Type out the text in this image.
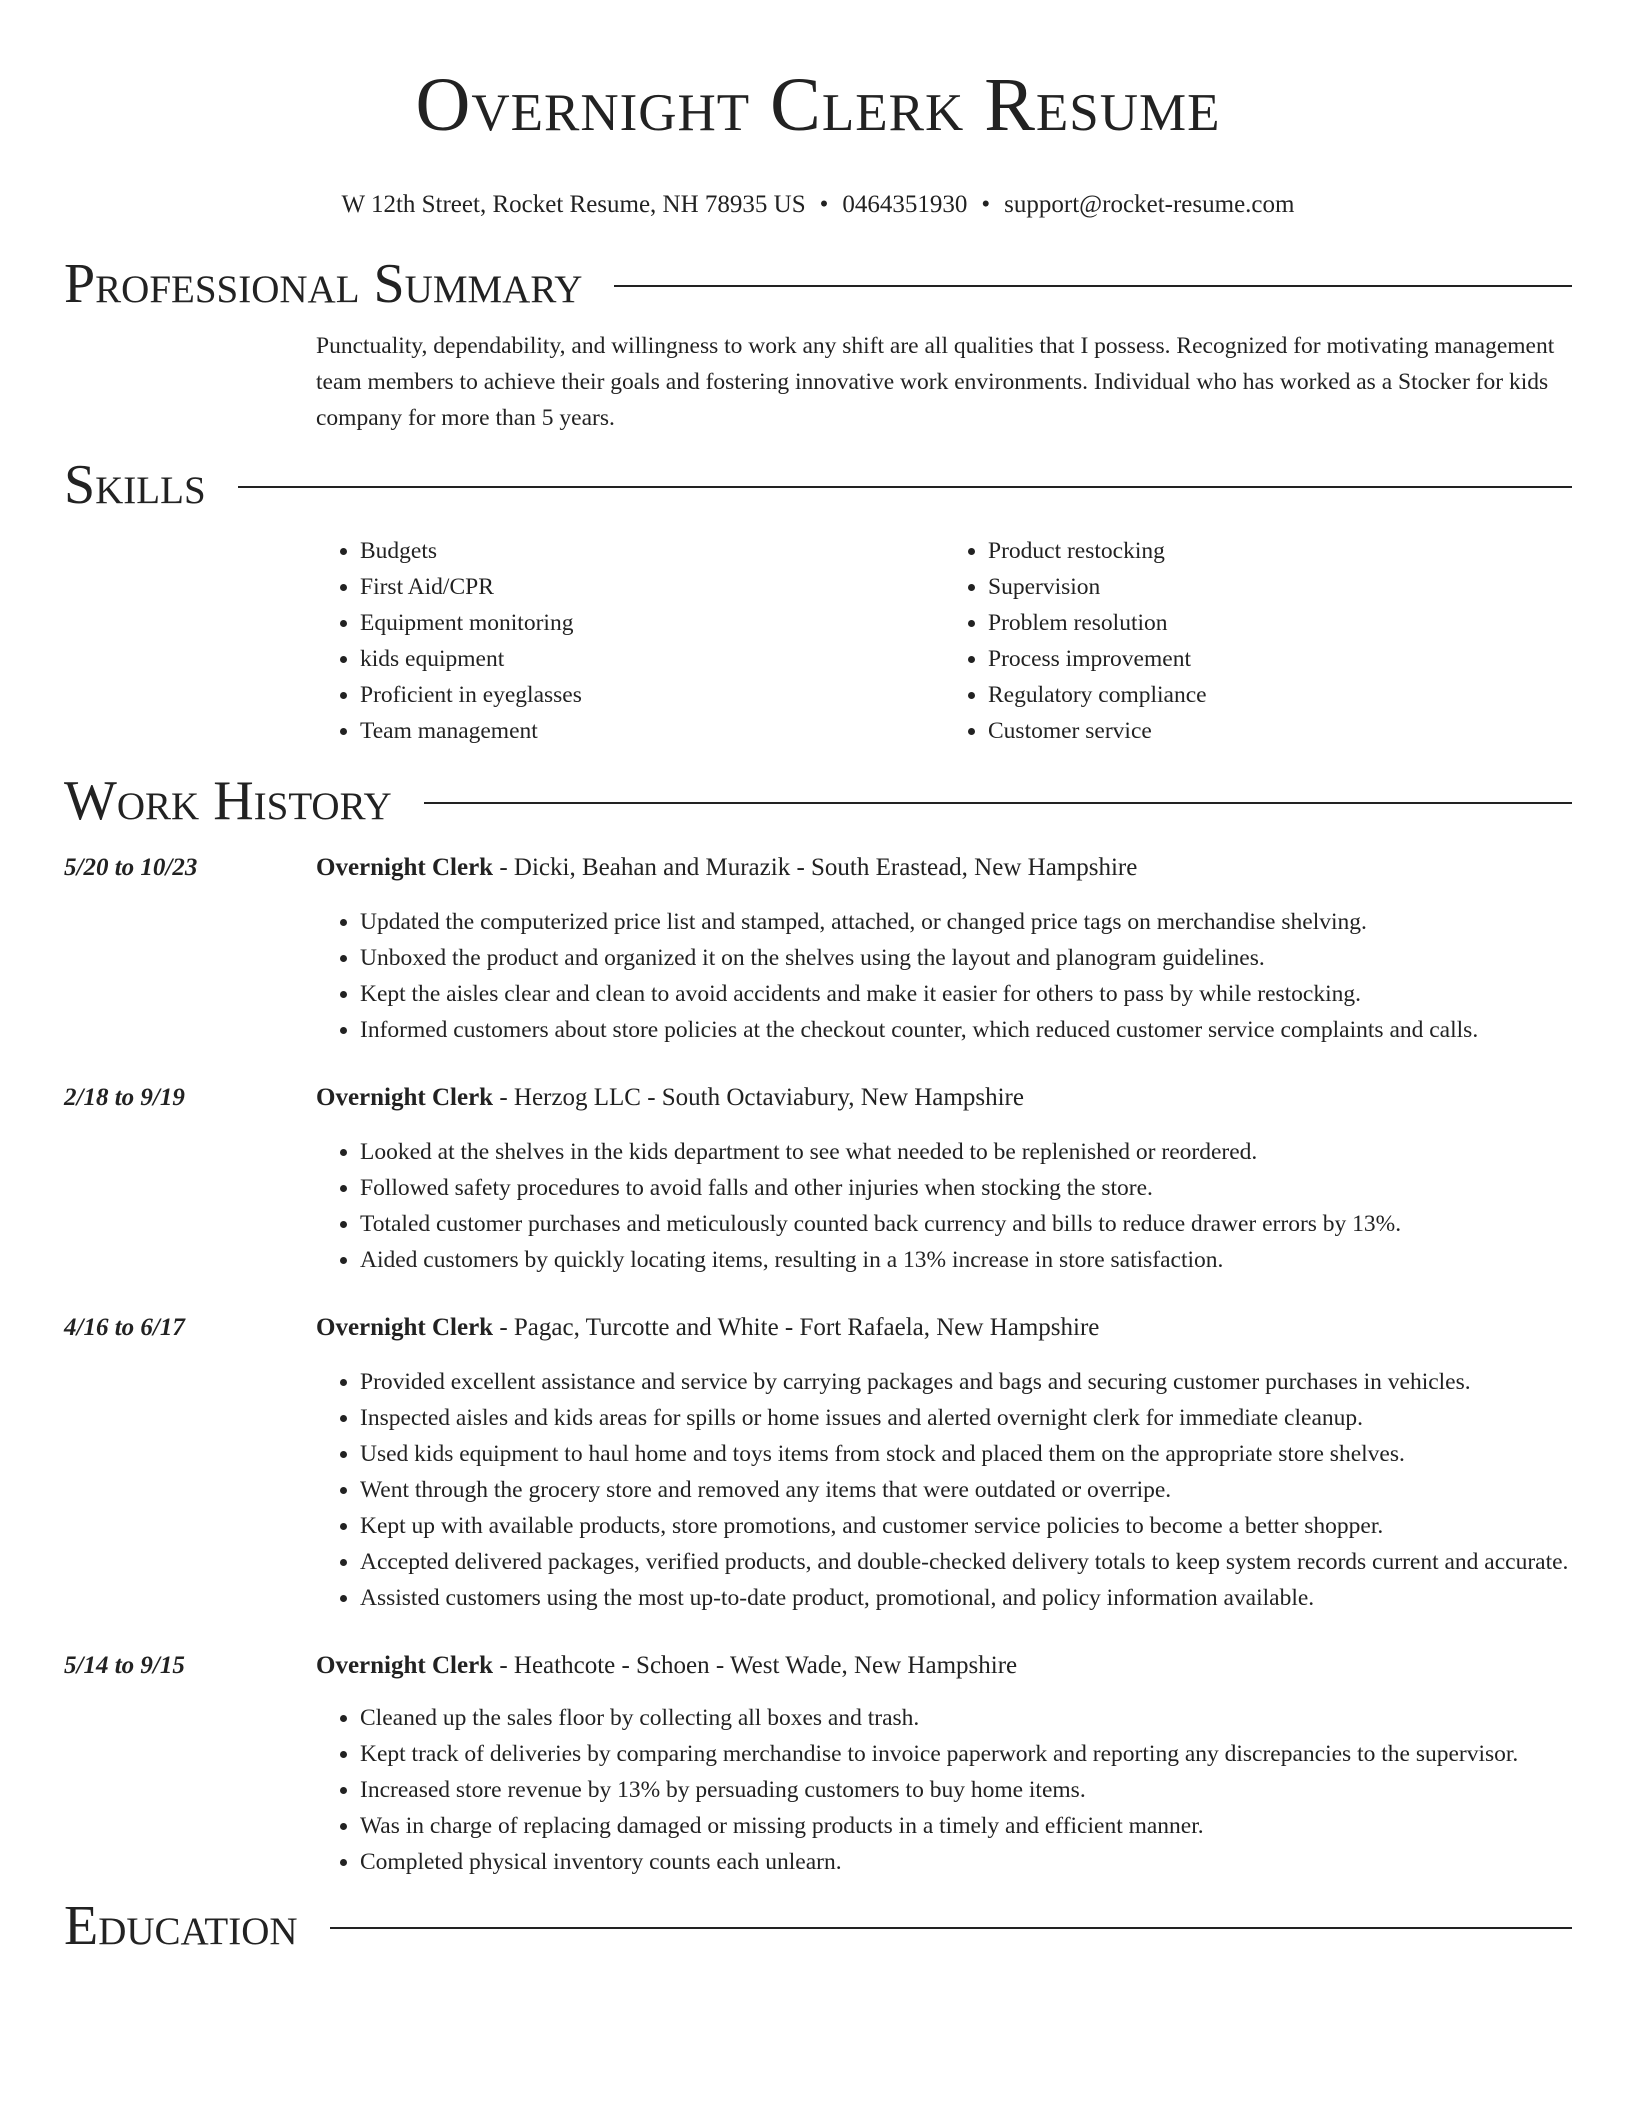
Overnight Clerk Resume
W 12th Street, Rocket Resume, NH 78935 US • 0464351930 • support@rocket-resume.com
Professional Summary

Punctuality, dependability, and willingness to work any shift are all qualities that I possess. Recognized for motivating management team members to achieve their goals and fostering innovative work environments. Individual who has worked as a Stocker for kids company for more than 5 years.

Skills
• Budgets
• First Aid/CPR
• Equipment monitoring
• kids equipment
• Proficient in eyeglasses
• Team management
• Product restocking
• Supervision
• Problem resolution
• Process improvement
• Regulatory compliance
• Customer service
Work History
5/20 to 10/23	Overnight Clerk - Dicki, Beahan and Murazik - South Erastead, New Hampshire
• Updated the computerized price list and stamped, attached, or changed price tags on merchandise shelving.
• Unboxed the product and organized it on the shelves using the layout and planogram guidelines.
• Kept the aisles clear and clean to avoid accidents and make it easier for others to pass by while restocking.
• Informed customers about store policies at the checkout counter, which reduced customer service complaints and calls.
2/18 to 9/19	Overnight Clerk - Herzog LLC - South Octaviabury, New Hampshire
• Looked at the shelves in the kids department to see what needed to be replenished or reordered.
• Followed safety procedures to avoid falls and other injuries when stocking the store.
• Totaled customer purchases and meticulously counted back currency and bills to reduce drawer errors by 13%.
• Aided customers by quickly locating items, resulting in a 13% increase in store satisfaction.
4/16 to 6/17	Overnight Clerk - Pagac, Turcotte and White - Fort Rafaela, New Hampshire
• Provided excellent assistance and service by carrying packages and bags and securing customer purchases in vehicles.
• Inspected aisles and kids areas for spills or home issues and alerted overnight clerk for immediate cleanup.
• Used kids equipment to haul home and toys items from stock and placed them on the appropriate store shelves.
• Went through the grocery store and removed any items that were outdated or overripe.
• Kept up with available products, store promotions, and customer service policies to become a better shopper.
• Accepted delivered packages, verified products, and double-checked delivery totals to keep system records current and accurate.
• Assisted customers using the most up-to-date product, promotional, and policy information available.
5/14 to 9/15	Overnight Clerk - Heathcote - Schoen - West Wade, New Hampshire
• Cleaned up the sales floor by collecting all boxes and trash.
• Kept track of deliveries by comparing merchandise to invoice paperwork and reporting any discrepancies to the supervisor.
• Increased store revenue by 13% by persuading customers to buy home items.
• Was in charge of replacing damaged or missing products in a timely and efficient manner.
• Completed physical inventory counts each unlearn.
Education
